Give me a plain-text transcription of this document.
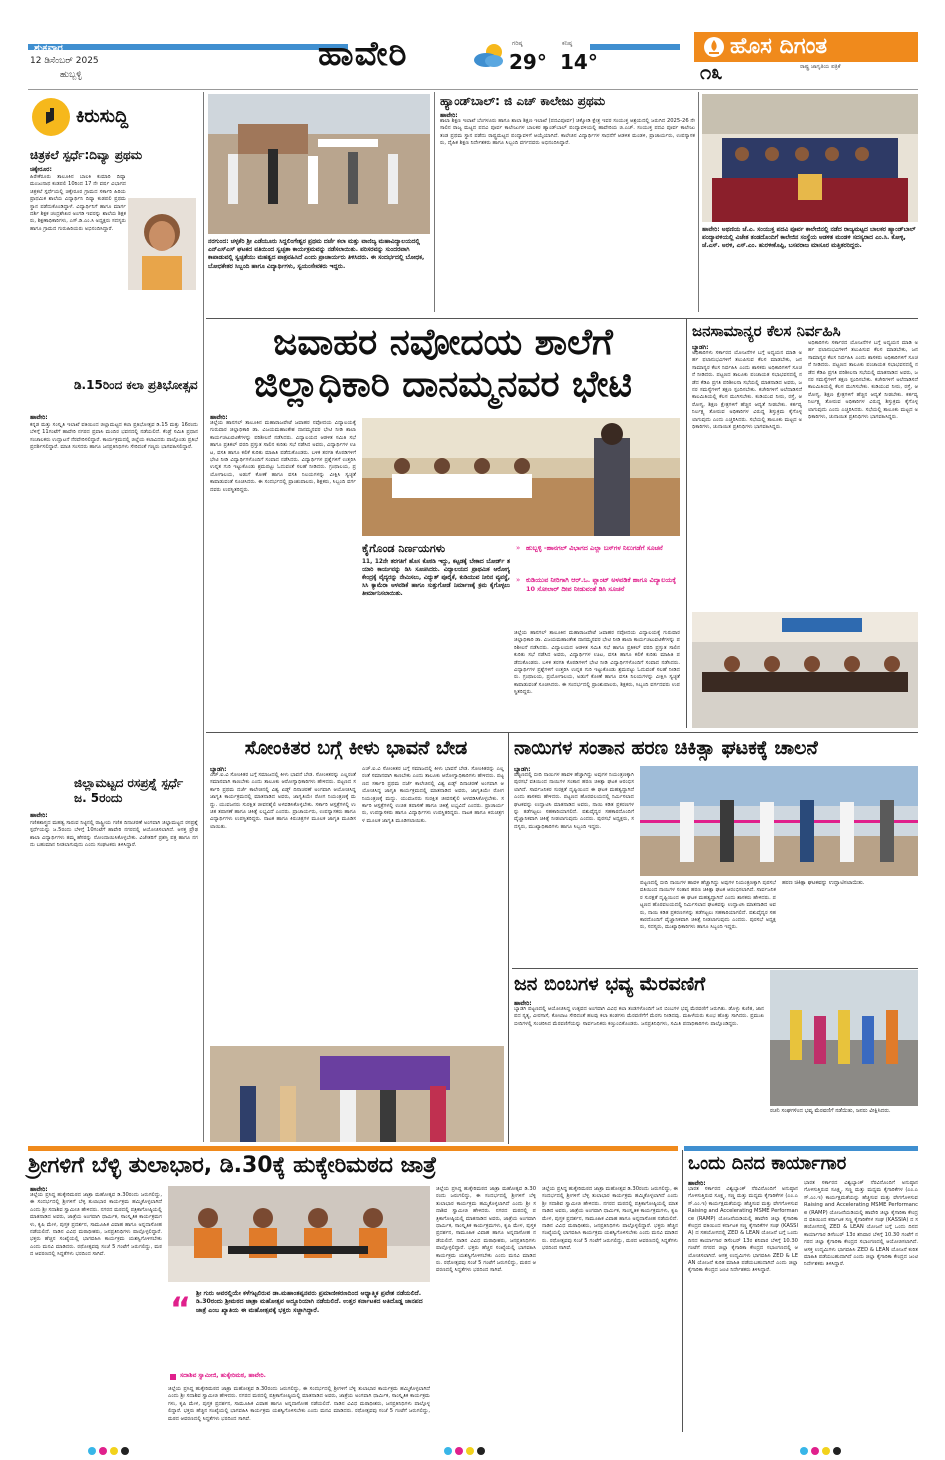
ಶುಕ್ರವಾರ
12 ಡಿಸೆಂಬರ್ 2025
ಹುಬ್ಬಳ್ಳಿ
ಹಾವೇರಿ	ಗರಿಷ್ಠ
29°
ಕನಿಷ್ಠ
14°
ಹೊಸ ದಿಗಂತ
ರಾಷ್ಟ್ರ ಜಾಗೃತಿಯ ಪತ್ರಿಕೆ
೧೩
ಕಿರುಸುದ್ದಿ
ಚಿತ್ರಕಲೆ ಸ್ಪರ್ಧೆ:ದಿವ್ಯಾ ಪ್ರಥಮ
ಚಿಕ್ಕೇರೂರ:
ಹಿರೇಕೆರೂರು ತಾಲೂಕಿನ ಬಾಲಕಿ ಕುಮಾರಿ ದಿವ್ಯಾ ಮಂಜುನಾಥ ಕುಡಪಲಿ 10ರಿಂದ 17 ನೇ ವರ್ಷ ವಿಭಾಗದ ಚಿತ್ರಕಲೆ ಸ್ಪರ್ಧೆಯಲ್ಲಿ ಚಿಕ್ಕೇರೂರ ಗ್ರಾಮದ ಸರ್ಕಾರಿ ಹಿರಿಯ ಪ್ರಾಥಮಿಕ ಶಾಲೆಯ ವಿದ್ಯಾರ್ಥಿನಿ ದಿವ್ಯಾ ಕುಡಪಲಿ ಪ್ರಥಮ ಸ್ಥಾನ ಪಡೆದುಕೊಂಡಿದ್ದಾಳೆ. ವಿದ್ಯಾರ್ಥಿನಿಗೆ ಹಾಗೂ ಮಾರ್ಗದರ್ಶಿ ಶಿಕ್ಷಕ ಚಂದ್ರಶೇಖರ ಅಂಗಡಿ ಇವರನ್ನು ಶಾಲೆಯ ಶಿಕ್ಷಕರು, ಶಿಕ್ಷಣಾಧಿಕಾರಿಗಳು, ಎಸ್.ಡಿ.ಎಂ.ಸಿ ಅಧ್ಯಕ್ಷರು ಸದಸ್ಯರು ಹಾಗೂ ಗ್ರಾಮದ ಗುರುಹಿರಿಯರು ಅಭಿನಂದಿಸಿದ್ದಾರೆ.
ಡಿ.15ರಿಂದ ಕಲಾ ಪ್ರತಿಭೋತ್ಸವ
ಹಾವೇರಿ:
ಕನ್ನಡ ಮತ್ತು ಸಂಸ್ಕೃತಿ ಇಲಾಖೆ ವತಿಯಿಂದ ಜಿಲ್ಲಾಮಟ್ಟದ ಕಲಾ ಪ್ರತಿಭೋತ್ಸವ ಡಿ.15 ಮತ್ತು 16ರಂದು ಬೆಳಿಗ್ಗೆ 11ಗಂಟೆಗೆ ಹಾವೇರಿ ನಗರದ ಪ್ರವಾಸಿ ಮಂದಿರ ಭವನದಲ್ಲಿ ನಡೆಯಲಿದೆ. ಕೆಂಡ್ರೆ ಸಮಿತಿ ಪ್ರಧಾನ ಸಂಚಾಲಕರು ಉದ್ಘಾಟನೆ ನೆರವೇರಿಸಲಿದ್ದಾರೆ. ಕಾರ್ಯಕ್ರಮದಲ್ಲಿ ಜಿಲ್ಲೆಯ ಕಲಾವಿದರು ಪಾಲ್ಗೊಂಡು ಪ್ರತಿಭೆ ಪ್ರದರ್ಶಿಸಲಿದ್ದಾರೆ. ಮಾಜಿ ಸಂಸದರು ಹಾಗೂ ಜನಪ್ರತಿನಿಧಿಗಳು ಸೇರಿದಂತೆ ಗಣ್ಯರು ಭಾಗವಹಿಸಲಿದ್ದಾರೆ.
ಜಿಲ್ಲಾಮಟ್ಟದ ರಸಪ್ರಶ್ನೆ ಸ್ಪರ್ಧೆ ಜ. 5ರಂದು
ಹಾವೇರಿ:
ಗಣಿತಶಾಸ್ತ್ರದ ಮಹತ್ವ ಸಾರುವ ನಿಟ್ಟಿನಲ್ಲಿ ರಾಷ್ಟ್ರೀಯ ಗಣಿತ ದಿನಾಚರಣೆ ಅಂಗವಾಗಿ ಜಿಲ್ಲಾಮಟ್ಟದ ರಸಪ್ರಶ್ನೆ ಸ್ಪರ್ಧೆಯನ್ನು ಜ.5ರಂದು ಬೆಳಿಗ್ಗೆ 10ಗಂಟೆಗೆ ಹಾವೇರಿ ನಗರದಲ್ಲಿ ಆಯೋಜಿಸಲಾಗಿದೆ. ಆಸಕ್ತ ಪ್ರೌಢಶಾಲಾ ವಿದ್ಯಾರ್ಥಿಗಳು ತಮ್ಮ ಹೆಸರನ್ನು ನೋಂದಾಯಿಸಿಕೊಳ್ಳಬೇಕು. ವಿಜೇತರಿಗೆ ಪ್ರಶಸ್ತಿ ಪತ್ರ ಹಾಗೂ ನಗದು ಬಹುಮಾನ ನೀಡಲಾಗುವುದು ಎಂದು ಸಂಘಟಕರು ತಿಳಿಸಿದ್ದಾರೆ.
ನರಗುಂದ: ಚಳ್ಳಕೆರಿ ಶ್ರೀ ಎಡೆಯೂರು ಸಿದ್ದಲಿಂಗೇಶ್ವರ ಪ್ರಥಮ ದರ್ಜೆ ಕಲಾ ಮತ್ತು ವಾಣಿಜ್ಯ ಮಹಾವಿದ್ಯಾಲಯದಲ್ಲಿ ಎನ್‌ಎಸ್‌ಎಸ್ ಘಟಕದ ವತಿಯಿಂದ ಸ್ವಚ್ಛತಾ ಕಾರ್ಯಕ್ರಮವನ್ನು ನಡೆಸಲಾಯಿತು. ಪರಿಸರವನ್ನು ಸುಂದರವಾಗಿ ಕಾಪಾಡುವಲ್ಲಿ ಸ್ವಚ್ಛತೆಯು ಮಹತ್ವದ ಪಾತ್ರವಹಿಸಿದೆ ಎಂದು ಪ್ರಾಚಾರ್ಯರು ತಿಳಿಸಿದರು. ಈ ಸಂದರ್ಭದಲ್ಲಿ ಬೋಧಕ, ಬೋಧಕೇತರ ಸಿಬ್ಬಂದಿ ಹಾಗೂ ವಿದ್ಯಾರ್ಥಿಗಳು, ಸ್ವಯಂಸೇವಕರು ಇದ್ದರು.
ಹ್ಯಾಂಡ್‌ಬಾಲ್: ಜಿ ಎಚ್ ಕಾಲೇಜು ಪ್ರಥಮ
ಹಾವೇರಿ:
ಶಾಲಾ ಶಿಕ್ಷಣ ಇಲಾಖೆ ಬೆಂಗಳೂರು ಹಾಗೂ ಶಾಲಾ ಶಿಕ್ಷಣ ಇಲಾಖೆ (ಪದವಿಪೂರ್ವ) ಚಿಕ್ಕೋಡಿ ಕ್ಷೇತ್ರ ಇವರ ಸಂಯುಕ್ತ ಆಶ್ರಯದಲ್ಲಿ ಜರುಗಿದ 2025-26 ನೇ ಸಾಲಿನ ರಾಜ್ಯ ಮಟ್ಟದ ಪದವಿ ಪೂರ್ವ ಕಾಲೇಜುಗಳ ಬಾಲಕರ ಹ್ಯಾಂಡ್‌ಬಾಲ್ ಪಂದ್ಯಾವಳಿಯಲ್ಲಿ ಹಾವೇರಿಯ ಜಿ.ಎಚ್. ಸಂಯುಕ್ತ ಪದವಿ ಪೂರ್ವ ಕಾಲೇಜು ತಂಡ ಪ್ರಥಮ ಸ್ಥಾನ ಪಡೆದು ರಾಷ್ಟ್ರಮಟ್ಟದ ಪಂದ್ಯಾವಳಿಗೆ ಆಯ್ಕೆಯಾಗಿದೆ. ಕಾಲೇಜಿನ ವಿದ್ಯಾರ್ಥಿಗಳ ಸಾಧನೆಗೆ ಆಡಳಿತ ಮಂಡಳಿ, ಪ್ರಾಚಾರ್ಯರು, ಉಪನ್ಯಾಸಕರು, ದೈಹಿಕ ಶಿಕ್ಷಣ ನಿರ್ದೇಶಕರು ಹಾಗೂ ಸಿಬ್ಬಂದಿ ವರ್ಗದವರು ಅಭಿನಂದಿಸಿದ್ದಾರೆ.
ಹಾವೇರಿ: ಅಥಣಿಯ ಜೆ.ಎ. ಸಂಯುಕ್ತ ಪದವಿ ಪೂರ್ವ ಕಾಲೇಜಿನಲ್ಲಿ ನಡೆದ ರಾಜ್ಯಮಟ್ಟದ ಬಾಲಕರ ಹ್ಯಾಂಡ್‌ಬಾಲ್ ಪಂದ್ಯಾವಳಿಯಲ್ಲಿ ವಿಜೇತ ತಂಡದೊಂದಿಗೆ ಕಾಲೇಜಿನ ಸಂಸ್ಥೆಯ ಆಡಳಿತ ಮಂಡಳಿ ಸದಸ್ಯರಾದ ಎಂ.ಸಿ. ಕೋಳ್ಳಿ, ಜೆ.ಎಸ್. ಅರಳಿ, ಎಸ್.ಎಂ. ಹುರಳೀಕೊಪ್ಪಿ, ಬಸವರಾಜ ಮಾಸೂರ ಮತ್ತಿತರರಿದ್ದರು.
ಜವಾಹರ ನವೋದಯ ಶಾಲೆಗೆ
ಜಿಲ್ಲಾಧಿಕಾರಿ ದಾನಮ್ಮನವರ ಭೇಟಿ
ಹಾವೇರಿ:
ಜಿಲ್ಲೆಯ ಹಾನಗಲ್ ತಾಲೂಕಿನ ಮಹಾರಾಜಪೇಟೆ ಜವಾಹರ ನವೋದಯ ವಿದ್ಯಾಲಯಕ್ಕೆ ಗುರುವಾರ ಜಿಲ್ಲಾಧಿಕಾರಿ ಡಾ. ವಿಜಯಮಹಾಂತೇಶ ದಾನಮ್ಮನವರ ಭೇಟಿ ನೀಡಿ ಶಾಲಾ ಕಾರ್ಯಚಟುವಟಿಕೆಗಳನ್ನು ಪರಿಶೀಲನೆ ನಡೆಸಿದರು. ವಿದ್ಯಾಲಯದ ಆಡಳಿತ ಸಮಿತಿ ಸಭೆ ಹಾಗೂ ಪ್ರತಿಕಲ್ ವರದಿ ಪ್ರಸ್ತುತ ಸಾಲಿನ ಕುರಿತು ಸಭೆ ನಡೆಸಿದ ಅವರು, ವಿದ್ಯಾರ್ಥಿಗಳ ಊಟ, ವಸತಿ ಹಾಗೂ ಕಲಿಕೆ ಕುರಿತು ಮಾಹಿತಿ ಪಡೆದುಕೊಂಡರು. ಬಳಿಕ ತರಗತಿ ಕೊಠಡಿಗಳಿಗೆ ಭೇಟಿ ನೀಡಿ ವಿದ್ಯಾರ್ಥಿಗಳೊಂದಿಗೆ ಸಂವಾದ ನಡೆಸಿದರು. ವಿದ್ಯಾರ್ಥಿಗಳ ಪ್ರಶ್ನೆಗಳಿಗೆ ಉತ್ತರಿಸಿ ಉನ್ನತ ಗುರಿ ಇಟ್ಟುಕೊಂಡು ಶ್ರಮಪಟ್ಟು ಓದುವಂತೆ ಸಲಹೆ ನೀಡಿದರು. ಗ್ರಂಥಾಲಯ, ಪ್ರಯೋಗಾಲಯ, ಅಡುಗೆ ಕೋಣೆ ಹಾಗೂ ವಸತಿ ನಿಲಯಗಳನ್ನು ವೀಕ್ಷಿಸಿ ಸ್ವಚ್ಛತೆ ಕಾಪಾಡುವಂತೆ ಸೂಚಿಸಿದರು. ಈ ಸಂದರ್ಭದಲ್ಲಿ ಪ್ರಾಂಶುಪಾಲರು, ಶಿಕ್ಷಕರು, ಸಿಬ್ಬಂದಿ ವರ್ಗದವರು ಉಪಸ್ಥಿತರಿದ್ದರು.
ಕೈಗೊಂಡ ನಿರ್ಣಯಗಳು
11, 12ನೇ ತರಗತಿಗೆ ಹೊಸ ಕೊಠಡಿ ಇದ್ದು, ಕಟ್ಟಡಕ್ಕೆ ಬೇಕಾದ ಬೋರ್ಡ್ ತಯಾರಿ ಕಾರ್ಯವನ್ನು ಡಿಸಿ ಸೂಚಿಸಿದರು. ವಿದ್ಯಾಲಯದ ಪ್ರಾಥಮಿಕ ಆರೋಗ್ಯ ಕೇಂದ್ರಕ್ಕೆ ವೈದ್ಯರನ್ನು ನೇಮಿಸಲು, ವಿದ್ಯುತ್ ಪೂರೈಕೆ, ಕುಡಿಯುವ ನೀರಿನ ವ್ಯವಸ್ಥೆ, ಸಿಸಿ ಕ್ಯಾಮೆರಾ ಅಳವಡಿಕೆ ಹಾಗೂ ಸುತ್ತುಗೋಡೆ ನಿರ್ಮಾಣಕ್ಕೆ ಕ್ರಮ ಕೈಗೊಳ್ಳಲು ತೀರ್ಮಾನಿಸಲಾಯಿತು.
» ಹುಬ್ಬಳ್ಳಿ -ಹಾನಗಲ್ ವಿಭಾಗದ ಎಲ್ಲಾ ಬಸ್‌ಗಳ ನಿಲುಗಡೆಗೆ ಸೂಚನೆ
» ಕುಡಿಯುವ ನೀರಿಗಾಗಿ ಆರ್.ಒ. ಪ್ಲಾಂಟ್ ಅಳವಡಿಕೆ ಹಾಗೂ ವಿದ್ಯಾಲಯಕ್ಕೆ 10 ಸೋಲಾರ್ ದೀಪ ನೀಡುವಂತೆ ಡಿಸಿ ಸೂಚನೆ
ಜಿಲ್ಲೆಯ ಹಾನಗಲ್ ತಾಲೂಕಿನ ಮಹಾರಾಜಪೇಟೆ ಜವಾಹರ ನವೋದಯ ವಿದ್ಯಾಲಯಕ್ಕೆ ಗುರುವಾರ ಜಿಲ್ಲಾಧಿಕಾರಿ ಡಾ. ವಿಜಯಮಹಾಂತೇಶ ದಾನಮ್ಮನವರ ಭೇಟಿ ನೀಡಿ ಶಾಲಾ ಕಾರ್ಯಚಟುವಟಿಕೆಗಳನ್ನು ಪರಿಶೀಲನೆ ನಡೆಸಿದರು. ವಿದ್ಯಾಲಯದ ಆಡಳಿತ ಸಮಿತಿ ಸಭೆ ಹಾಗೂ ಪ್ರತಿಕಲ್ ವರದಿ ಪ್ರಸ್ತುತ ಸಾಲಿನ ಕುರಿತು ಸಭೆ ನಡೆಸಿದ ಅವರು, ವಿದ್ಯಾರ್ಥಿಗಳ ಊಟ, ವಸತಿ ಹಾಗೂ ಕಲಿಕೆ ಕುರಿತು ಮಾಹಿತಿ ಪಡೆದುಕೊಂಡರು. ಬಳಿಕ ತರಗತಿ ಕೊಠಡಿಗಳಿಗೆ ಭೇಟಿ ನೀಡಿ ವಿದ್ಯಾರ್ಥಿಗಳೊಂದಿಗೆ ಸಂವಾದ ನಡೆಸಿದರು. ವಿದ್ಯಾರ್ಥಿಗಳ ಪ್ರಶ್ನೆಗಳಿಗೆ ಉತ್ತರಿಸಿ ಉನ್ನತ ಗುರಿ ಇಟ್ಟುಕೊಂಡು ಶ್ರಮಪಟ್ಟು ಓದುವಂತೆ ಸಲಹೆ ನೀಡಿದರು. ಗ್ರಂಥಾಲಯ, ಪ್ರಯೋಗಾಲಯ, ಅಡುಗೆ ಕೋಣೆ ಹಾಗೂ ವಸತಿ ನಿಲಯಗಳನ್ನು ವೀಕ್ಷಿಸಿ ಸ್ವಚ್ಛತೆ ಕಾಪಾಡುವಂತೆ ಸೂಚಿಸಿದರು. ಈ ಸಂದರ್ಭದಲ್ಲಿ ಪ್ರಾಂಶುಪಾಲರು, ಶಿಕ್ಷಕರು, ಸಿಬ್ಬಂದಿ ವರ್ಗದವರು ಉಪಸ್ಥಿತರಿದ್ದರು.
ಜನಸಾಮಾನ್ಯರ ಕೆಲಸ ನಿರ್ವಹಿಸಿ
ಬ್ಯಾಡಗಿ:
ಅಧಿಕಾರಿಗಳು ಸರ್ಕಾರದ ಯೋಜನೆಗಳ ಬಗ್ಗೆ ಅಧ್ಯಯನ ಮಾಡಿ ಅರ್ಹ ಫಲಾನುಭವಿಗಳಿಗೆ ತಲುಪಿಸುವ ಕೆಲಸ ಮಾಡಬೇಕು, ಜನಸಾಮಾನ್ಯರ ಕೆಲಸ ನಿರ್ವಹಿಸಿ ಎಂದು ಶಾಸಕರು ಅಧಿಕಾರಿಗಳಿಗೆ ಸೂಚನೆ ನೀಡಿದರು. ಪಟ್ಟಣದ ತಾಲೂಕು ಪಂಚಾಯತ ಸಭಾಭವನದಲ್ಲಿ ನಡೆದ ಕೆಡಿಪಿ ಪ್ರಗತಿ ಪರಿಶೀಲನಾ ಸಭೆಯಲ್ಲಿ ಮಾತನಾಡಿದ ಅವರು, ಜನರ ಸಮಸ್ಯೆಗಳಿಗೆ ತಕ್ಷಣ ಸ್ಪಂದಿಸಬೇಕು. ಕಚೇರಿಗಳಿಗೆ ಅಲೆದಾಡಿಸದೆ ಕಾಲಮಿತಿಯಲ್ಲಿ ಕೆಲಸ ಮುಗಿಸಬೇಕು. ಕುಡಿಯುವ ನೀರು, ರಸ್ತೆ, ಆರೋಗ್ಯ, ಶಿಕ್ಷಣ ಕ್ಷೇತ್ರಗಳಿಗೆ ಹೆಚ್ಚಿನ ಆದ್ಯತೆ ನೀಡಬೇಕು. ಕರ್ತವ್ಯ ನಿರ್ಲಕ್ಷ್ಯ ತೋರುವ ಅಧಿಕಾರಿಗಳ ವಿರುದ್ಧ ಶಿಸ್ತುಕ್ರಮ ಕೈಗೊಳ್ಳಲಾಗುವುದು ಎಂದು ಎಚ್ಚರಿಸಿದರು. ಸಭೆಯಲ್ಲಿ ತಾಲೂಕು ಮಟ್ಟದ ಅಧಿಕಾರಿಗಳು, ಚುನಾಯಿತ ಪ್ರತಿನಿಧಿಗಳು ಭಾಗವಹಿಸಿದ್ದರು.
ಅಧಿಕಾರಿಗಳು ಸರ್ಕಾರದ ಯೋಜನೆಗಳ ಬಗ್ಗೆ ಅಧ್ಯಯನ ಮಾಡಿ ಅರ್ಹ ಫಲಾನುಭವಿಗಳಿಗೆ ತಲುಪಿಸುವ ಕೆಲಸ ಮಾಡಬೇಕು, ಜನಸಾಮಾನ್ಯರ ಕೆಲಸ ನಿರ್ವಹಿಸಿ ಎಂದು ಶಾಸಕರು ಅಧಿಕಾರಿಗಳಿಗೆ ಸೂಚನೆ ನೀಡಿದರು. ಪಟ್ಟಣದ ತಾಲೂಕು ಪಂಚಾಯತ ಸಭಾಭವನದಲ್ಲಿ ನಡೆದ ಕೆಡಿಪಿ ಪ್ರಗತಿ ಪರಿಶೀಲನಾ ಸಭೆಯಲ್ಲಿ ಮಾತನಾಡಿದ ಅವರು, ಜನರ ಸಮಸ್ಯೆಗಳಿಗೆ ತಕ್ಷಣ ಸ್ಪಂದಿಸಬೇಕು. ಕಚೇರಿಗಳಿಗೆ ಅಲೆದಾಡಿಸದೆ ಕಾಲಮಿತಿಯಲ್ಲಿ ಕೆಲಸ ಮುಗಿಸಬೇಕು. ಕುಡಿಯುವ ನೀರು, ರಸ್ತೆ, ಆರೋಗ್ಯ, ಶಿಕ್ಷಣ ಕ್ಷೇತ್ರಗಳಿಗೆ ಹೆಚ್ಚಿನ ಆದ್ಯತೆ ನೀಡಬೇಕು. ಕರ್ತವ್ಯ ನಿರ್ಲಕ್ಷ್ಯ ತೋರುವ ಅಧಿಕಾರಿಗಳ ವಿರುದ್ಧ ಶಿಸ್ತುಕ್ರಮ ಕೈಗೊಳ್ಳಲಾಗುವುದು ಎಂದು ಎಚ್ಚರಿಸಿದರು. ಸಭೆಯಲ್ಲಿ ತಾಲೂಕು ಮಟ್ಟದ ಅಧಿಕಾರಿಗಳು, ಚುನಾಯಿತ ಪ್ರತಿನಿಧಿಗಳು ಭಾಗವಹಿಸಿದ್ದರು.
ಸೋಂಕಿತರ ಬಗ್ಗೆ ಕೀಳು ಭಾವನೆ ಬೇಡ
ಬ್ಯಾಡಗಿ:
ಎಚ್.ಐ.ವಿ ಸೋಂಕಿತರ ಬಗ್ಗೆ ಸಮಾಜದಲ್ಲಿ ಕೀಳು ಭಾವನೆ ಬೇಡ. ಸೋಂಕಿತರನ್ನು ಎಲ್ಲರಂತೆ ಸಮಾನವಾಗಿ ಕಾಣಬೇಕು ಎಂದು ತಾಲೂಕು ಆರೋಗ್ಯಾಧಿಕಾರಿಗಳು ಹೇಳಿದರು. ಪಟ್ಟಣದ ಸರ್ಕಾರಿ ಪ್ರಥಮ ದರ್ಜೆ ಕಾಲೇಜಿನಲ್ಲಿ ವಿಶ್ವ ಏಡ್ಸ್ ದಿನಾಚರಣೆ ಅಂಗವಾಗಿ ಆಯೋಜಿಸಿದ್ದ ಜಾಗೃತಿ ಕಾರ್ಯಕ್ರಮದಲ್ಲಿ ಮಾತನಾಡಿದ ಅವರು, ಜಾಗೃತಿಯೇ ರೋಗ ನಿಯಂತ್ರಣಕ್ಕೆ ಮದ್ದು. ಯುವಜನರು ಸುರಕ್ಷಿತ ಜೀವನಶೈಲಿ ಅಳವಡಿಸಿಕೊಳ್ಳಬೇಕು. ಸರ್ಕಾರಿ ಆಸ್ಪತ್ರೆಗಳಲ್ಲಿ ಉಚಿತ ತಪಾಸಣೆ ಹಾಗೂ ಚಿಕಿತ್ಸೆ ಲಭ್ಯವಿದೆ ಎಂದರು. ಪ್ರಾಚಾರ್ಯರು, ಉಪನ್ಯಾಸಕರು ಹಾಗೂ ವಿದ್ಯಾರ್ಥಿಗಳು ಉಪಸ್ಥಿತರಿದ್ದರು. ನಾಟಕ ಹಾಗೂ ಕಿರುಚಿತ್ರಗಳ ಮೂಲಕ ಜಾಗೃತಿ ಮೂಡಿಸಲಾಯಿತು.
ಎಚ್.ಐ.ವಿ ಸೋಂಕಿತರ ಬಗ್ಗೆ ಸಮಾಜದಲ್ಲಿ ಕೀಳು ಭಾವನೆ ಬೇಡ. ಸೋಂಕಿತರನ್ನು ಎಲ್ಲರಂತೆ ಸಮಾನವಾಗಿ ಕಾಣಬೇಕು ಎಂದು ತಾಲೂಕು ಆರೋಗ್ಯಾಧಿಕಾರಿಗಳು ಹೇಳಿದರು. ಪಟ್ಟಣದ ಸರ್ಕಾರಿ ಪ್ರಥಮ ದರ್ಜೆ ಕಾಲೇಜಿನಲ್ಲಿ ವಿಶ್ವ ಏಡ್ಸ್ ದಿನಾಚರಣೆ ಅಂಗವಾಗಿ ಆಯೋಜಿಸಿದ್ದ ಜಾಗೃತಿ ಕಾರ್ಯಕ್ರಮದಲ್ಲಿ ಮಾತನಾಡಿದ ಅವರು, ಜಾಗೃತಿಯೇ ರೋಗ ನಿಯಂತ್ರಣಕ್ಕೆ ಮದ್ದು. ಯುವಜನರು ಸುರಕ್ಷಿತ ಜೀವನಶೈಲಿ ಅಳವಡಿಸಿಕೊಳ್ಳಬೇಕು. ಸರ್ಕಾರಿ ಆಸ್ಪತ್ರೆಗಳಲ್ಲಿ ಉಚಿತ ತಪಾಸಣೆ ಹಾಗೂ ಚಿಕಿತ್ಸೆ ಲಭ್ಯವಿದೆ ಎಂದರು. ಪ್ರಾಚಾರ್ಯರು, ಉಪನ್ಯಾಸಕರು ಹಾಗೂ ವಿದ್ಯಾರ್ಥಿಗಳು ಉಪಸ್ಥಿತರಿದ್ದರು. ನಾಟಕ ಹಾಗೂ ಕಿರುಚಿತ್ರಗಳ ಮೂಲಕ ಜಾಗೃತಿ ಮೂಡಿಸಲಾಯಿತು.
ನಾಯಿಗಳ ಸಂತಾನ ಹರಣ ಚಿಕಿತ್ಸಾ ಘಟಕಕ್ಕೆ ಚಾಲನೆ
ಬ್ಯಾಡಗಿ:
ಪಟ್ಟಣದಲ್ಲಿ ಬೀದಿ ನಾಯಿಗಳ ಹಾವಳಿ ಹೆಚ್ಚಾಗಿದ್ದು ಅವುಗಳ ನಿಯಂತ್ರಣಕ್ಕಾಗಿ ಪುರಸಭೆ ವತಿಯಿಂದ ನಾಯಿಗಳ ಸಂತಾನ ಹರಣ ಚಿಕಿತ್ಸಾ ಘಟಕ ಆರಂಭಿಸಲಾಗಿದೆ. ಸಾರ್ವಜನಿಕರ ಸುರಕ್ಷತೆ ದೃಷ್ಟಿಯಿಂದ ಈ ಘಟಕ ಮಹತ್ವದ್ದಾಗಿದೆ ಎಂದು ಶಾಸಕರು ಹೇಳಿದರು. ಪಟ್ಟಣದ ಹೊರವಲಯದಲ್ಲಿ ನಿರ್ಮಿಸಲಾದ ಘಟಕವನ್ನು ಉದ್ಘಾಟಿಸಿ ಮಾತನಾಡಿದ ಅವರು, ನಾಯಿ ಕಡಿತ ಪ್ರಕರಣಗಳನ್ನು ತಡೆಗಟ್ಟಲು ಸಹಕಾರಿಯಾಗಲಿದೆ. ಪಶುವೈದ್ಯರ ಸಹಕಾರದೊಂದಿಗೆ ವೈಜ್ಞಾನಿಕವಾಗಿ ಚಿಕಿತ್ಸೆ ನೀಡಲಾಗುವುದು ಎಂದರು. ಪುರಸಭೆ ಅಧ್ಯಕ್ಷರು, ಸದಸ್ಯರು, ಮುಖ್ಯಾಧಿಕಾರಿಗಳು ಹಾಗೂ ಸಿಬ್ಬಂದಿ ಇದ್ದರು.
ಪಟ್ಟಣದಲ್ಲಿ ಬೀದಿ ನಾಯಿಗಳ ಹಾವಳಿ ಹೆಚ್ಚಾಗಿದ್ದು ಅವುಗಳ ನಿಯಂತ್ರಣಕ್ಕಾಗಿ ಪುರಸಭೆ ವತಿಯಿಂದ ನಾಯಿಗಳ ಸಂತಾನ ಹರಣ ಚಿಕಿತ್ಸಾ ಘಟಕ ಆರಂಭಿಸಲಾಗಿದೆ. ಸಾರ್ವಜನಿಕರ ಸುರಕ್ಷತೆ ದೃಷ್ಟಿಯಿಂದ ಈ ಘಟಕ ಮಹತ್ವದ್ದಾಗಿದೆ ಎಂದು ಶಾಸಕರು ಹೇಳಿದರು. ಪಟ್ಟಣದ ಹೊರವಲಯದಲ್ಲಿ ನಿರ್ಮಿಸಲಾದ ಘಟಕವನ್ನು ಉದ್ಘಾಟಿಸಿ ಮಾತನಾಡಿದ ಅವರು, ನಾಯಿ ಕಡಿತ ಪ್ರಕರಣಗಳನ್ನು ತಡೆಗಟ್ಟಲು ಸಹಕಾರಿಯಾಗಲಿದೆ. ಪಶುವೈದ್ಯರ ಸಹಕಾರದೊಂದಿಗೆ ವೈಜ್ಞಾನಿಕವಾಗಿ ಚಿಕಿತ್ಸೆ ನೀಡಲಾಗುವುದು ಎಂದರು. ಪುರಸಭೆ ಅಧ್ಯಕ್ಷರು, ಸದಸ್ಯರು, ಮುಖ್ಯಾಧಿಕಾರಿಗಳು ಹಾಗೂ ಸಿಬ್ಬಂದಿ ಇದ್ದರು.
ಹರಣ ಚಿಕಿತ್ಸಾ ಘಟಕವನ್ನು ಉದ್ಘಾಟಿಸಲಾಯಿತು.
ಜನ ಬಿಂಬಗಳ ಭವ್ಯ ಮೆರವಣಿಗೆ
ಹಾವೇರಿ:
ಬ್ಯಾಡಗಿ ಪಟ್ಟಣದಲ್ಲಿ ಆಯೋಜಿಸಿದ್ದ ಉತ್ಸವದ ಅಂಗವಾಗಿ ವಿವಿಧ ಕಲಾ ತಂಡಗಳೊಂದಿಗೆ ಜನ ಬಿಂಬಗಳ ಭವ್ಯ ಮೆರವಣಿಗೆ ಜರುಗಿತು. ಡೊಳ್ಳು ಕುಣಿತ, ಜಾನಪದ ನೃತ್ಯ, ವೀರಗಾಸೆ, ಕೋಲಾಟ ಸೇರಿದಂತೆ ಹಲವು ಕಲಾ ತಂಡಗಳು ಮೆರವಣಿಗೆಗೆ ಮೆರಗು ನೀಡಿದವು. ಮಹಿಳೆಯರು ಕುಂಭ ಹೊತ್ತು ಸಾಗಿದರು. ಪ್ರಮುಖ ಬೀದಿಗಳಲ್ಲಿ ಸಂಚರಿಸಿದ ಮೆರವಣಿಗೆಯನ್ನು ಸಾರ್ವಜನಿಕರು ಕಣ್ತುಂಬಿಕೊಂಡರು. ಜನಪ್ರತಿನಿಧಿಗಳು, ಸಮಿತಿ ಪದಾಧಿಕಾರಿಗಳು ಪಾಲ್ಗೊಂಡಿದ್ದರು.
ರಚನಿ ಸಂಘಗಳಿಂದ ಭವ್ಯ ಮೆರವಣಿಗೆ ನಡೆಯಿತು, ಜನರು ವೀಕ್ಷಿಸಿದರು.
ಶ್ರೀಗಳಿಗೆ ಬೆಳ್ಳಿ ತುಲಾಭಾರ, ಡಿ.30ಕ್ಕೆ ಹುಕ್ಕೇರಿಮಠದ ಜಾತ್ರೆ
ಹಾವೇರಿ:
ಜಿಲ್ಲೆಯ ಪ್ರಸಿದ್ಧ ಹುಕ್ಕೇರಿಮಠದ ಜಾತ್ರಾ ಮಹೋತ್ಸವ ಡಿ.30ರಂದು ಜರುಗಲಿದ್ದು, ಈ ಸಂದರ್ಭದಲ್ಲಿ ಶ್ರೀಗಳಿಗೆ ಬೆಳ್ಳಿ ತುಲಾಭಾರ ಕಾರ್ಯಕ್ರಮ ಹಮ್ಮಿಕೊಳ್ಳಲಾಗಿದೆ ಎಂದು ಶ್ರೀ ಸದಾಶಿವ ಸ್ವಾಮೀಜಿ ಹೇಳಿದರು. ನಗರದ ಮಠದಲ್ಲಿ ಪತ್ರಿಕಾಗೋಷ್ಠಿಯಲ್ಲಿ ಮಾತನಾಡಿದ ಅವರು, ಜಾತ್ರೆಯ ಅಂಗವಾಗಿ ಧಾರ್ಮಿಕ, ಸಾಂಸ್ಕೃತಿಕ ಕಾರ್ಯಕ್ರಮಗಳು, ಕೃಷಿ ಮೇಳ, ಪುಸ್ತಕ ಪ್ರದರ್ಶನ, ಸಾಮೂಹಿಕ ವಿವಾಹ ಹಾಗೂ ಅನ್ನದಾಸೋಹ ನಡೆಯಲಿದೆ. ನಾಡಿನ ವಿವಿಧ ಮಠಾಧೀಶರು, ಜನಪ್ರತಿನಿಧಿಗಳು ಪಾಲ್ಗೊಳ್ಳಲಿದ್ದಾರೆ. ಭಕ್ತರು ಹೆಚ್ಚಿನ ಸಂಖ್ಯೆಯಲ್ಲಿ ಭಾಗವಹಿಸಿ ಕಾರ್ಯಕ್ರಮ ಯಶಸ್ವಿಗೊಳಿಸಬೇಕು ಎಂದು ಮನವಿ ಮಾಡಿದರು. ರಥೋತ್ಸವವು ಸಂಜೆ 5 ಗಂಟೆಗೆ ಜರುಗಲಿದ್ದು, ಮಠದ ಆವರಣದಲ್ಲಿ ಸಿದ್ಧತೆಗಳು ಭರದಿಂದ ಸಾಗಿವೆ.
“ ಶ್ರೀ ಗುರು ಅವರಲ್ಲಿಯೇ ಕಳೆಗಟ್ಟಲಿರುವ ಡಾ.ಮಹಾಂತಪ್ಪನವರು ಪ್ರಮಾಣೀಕರಣದಿಂದ ಆಧ್ಯಾತ್ಮಿಕ ಪ್ರವೇಶ ನಡೆಯಲಿದೆ. ಡಿ.30ರಂದು ಶ್ರೀಮಠದ ಜಾತ್ರಾ ಮಹೋತ್ಸವ ಅದ್ದೂರಿಯಾಗಿ ನಡೆಯಲಿದೆ. ಉತ್ತರ ಕರ್ನಾಟಕದ ಅತಿದೊಡ್ಡ ಜಾನಪದ ಜಾತ್ರೆ ಎಂಬ ಖ್ಯಾತಿಯ ಈ ಮಹೋತ್ಸವಕ್ಕೆ ಭಕ್ತರು ಸಜ್ಜಾಗಿದ್ದಾರೆ.
ಸದಾಶಿವ ಸ್ವಾಮೀಜಿ, ಹುಕ್ಕೇರಿಮಠ, ಹಾವೇರಿ.
ಜಿಲ್ಲೆಯ ಪ್ರಸಿದ್ಧ ಹುಕ್ಕೇರಿಮಠದ ಜಾತ್ರಾ ಮಹೋತ್ಸವ ಡಿ.30ರಂದು ಜರುಗಲಿದ್ದು, ಈ ಸಂದರ್ಭದಲ್ಲಿ ಶ್ರೀಗಳಿಗೆ ಬೆಳ್ಳಿ ತುಲಾಭಾರ ಕಾರ್ಯಕ್ರಮ ಹಮ್ಮಿಕೊಳ್ಳಲಾಗಿದೆ ಎಂದು ಶ್ರೀ ಸದಾಶಿವ ಸ್ವಾಮೀಜಿ ಹೇಳಿದರು. ನಗರದ ಮಠದಲ್ಲಿ ಪತ್ರಿಕಾಗೋಷ್ಠಿಯಲ್ಲಿ ಮಾತನಾಡಿದ ಅವರು, ಜಾತ್ರೆಯ ಅಂಗವಾಗಿ ಧಾರ್ಮಿಕ, ಸಾಂಸ್ಕೃತಿಕ ಕಾರ್ಯಕ್ರಮಗಳು, ಕೃಷಿ ಮೇಳ, ಪುಸ್ತಕ ಪ್ರದರ್ಶನ, ಸಾಮೂಹಿಕ ವಿವಾಹ ಹಾಗೂ ಅನ್ನದಾಸೋಹ ನಡೆಯಲಿದೆ. ನಾಡಿನ ವಿವಿಧ ಮಠಾಧೀಶರು, ಜನಪ್ರತಿನಿಧಿಗಳು ಪಾಲ್ಗೊಳ್ಳಲಿದ್ದಾರೆ. ಭಕ್ತರು ಹೆಚ್ಚಿನ ಸಂಖ್ಯೆಯಲ್ಲಿ ಭಾಗವಹಿಸಿ ಕಾರ್ಯಕ್ರಮ ಯಶಸ್ವಿಗೊಳಿಸಬೇಕು ಎಂದು ಮನವಿ ಮಾಡಿದರು. ರಥೋತ್ಸವವು ಸಂಜೆ 5 ಗಂಟೆಗೆ ಜರುಗಲಿದ್ದು, ಮಠದ ಆವರಣದಲ್ಲಿ ಸಿದ್ಧತೆಗಳು ಭರದಿಂದ ಸಾಗಿವೆ.
ಜಿಲ್ಲೆಯ ಪ್ರಸಿದ್ಧ ಹುಕ್ಕೇರಿಮಠದ ಜಾತ್ರಾ ಮಹೋತ್ಸವ ಡಿ.30ರಂದು ಜರುಗಲಿದ್ದು, ಈ ಸಂದರ್ಭದಲ್ಲಿ ಶ್ರೀಗಳಿಗೆ ಬೆಳ್ಳಿ ತುಲಾಭಾರ ಕಾರ್ಯಕ್ರಮ ಹಮ್ಮಿಕೊಳ್ಳಲಾಗಿದೆ ಎಂದು ಶ್ರೀ ಸದಾಶಿವ ಸ್ವಾಮೀಜಿ ಹೇಳಿದರು. ನಗರದ ಮಠದಲ್ಲಿ ಪತ್ರಿಕಾಗೋಷ್ಠಿಯಲ್ಲಿ ಮಾತನಾಡಿದ ಅವರು, ಜಾತ್ರೆಯ ಅಂಗವಾಗಿ ಧಾರ್ಮಿಕ, ಸಾಂಸ್ಕೃತಿಕ ಕಾರ್ಯಕ್ರಮಗಳು, ಕೃಷಿ ಮೇಳ, ಪುಸ್ತಕ ಪ್ರದರ್ಶನ, ಸಾಮೂಹಿಕ ವಿವಾಹ ಹಾಗೂ ಅನ್ನದಾಸೋಹ ನಡೆಯಲಿದೆ. ನಾಡಿನ ವಿವಿಧ ಮಠಾಧೀಶರು, ಜನಪ್ರತಿನಿಧಿಗಳು ಪಾಲ್ಗೊಳ್ಳಲಿದ್ದಾರೆ. ಭಕ್ತರು ಹೆಚ್ಚಿನ ಸಂಖ್ಯೆಯಲ್ಲಿ ಭಾಗವಹಿಸಿ ಕಾರ್ಯಕ್ರಮ ಯಶಸ್ವಿಗೊಳಿಸಬೇಕು ಎಂದು ಮನವಿ ಮಾಡಿದರು. ರಥೋತ್ಸವವು ಸಂಜೆ 5 ಗಂಟೆಗೆ ಜರುಗಲಿದ್ದು, ಮಠದ ಆವರಣದಲ್ಲಿ ಸಿದ್ಧತೆಗಳು ಭರದಿಂದ ಸಾಗಿವೆ.
ಜಿಲ್ಲೆಯ ಪ್ರಸಿದ್ಧ ಹುಕ್ಕೇರಿಮಠದ ಜಾತ್ರಾ ಮಹೋತ್ಸವ ಡಿ.30ರಂದು ಜರುಗಲಿದ್ದು, ಈ ಸಂದರ್ಭದಲ್ಲಿ ಶ್ರೀಗಳಿಗೆ ಬೆಳ್ಳಿ ತುಲಾಭಾರ ಕಾರ್ಯಕ್ರಮ ಹಮ್ಮಿಕೊಳ್ಳಲಾಗಿದೆ ಎಂದು ಶ್ರೀ ಸದಾಶಿವ ಸ್ವಾಮೀಜಿ ಹೇಳಿದರು. ನಗರದ ಮಠದಲ್ಲಿ ಪತ್ರಿಕಾಗೋಷ್ಠಿಯಲ್ಲಿ ಮಾತನಾಡಿದ ಅವರು, ಜಾತ್ರೆಯ ಅಂಗವಾಗಿ ಧಾರ್ಮಿಕ, ಸಾಂಸ್ಕೃತಿಕ ಕಾರ್ಯಕ್ರಮಗಳು, ಕೃಷಿ ಮೇಳ, ಪುಸ್ತಕ ಪ್ರದರ್ಶನ, ಸಾಮೂಹಿಕ ವಿವಾಹ ಹಾಗೂ ಅನ್ನದಾಸೋಹ ನಡೆಯಲಿದೆ. ನಾಡಿನ ವಿವಿಧ ಮಠಾಧೀಶರು, ಜನಪ್ರತಿನಿಧಿಗಳು ಪಾಲ್ಗೊಳ್ಳಲಿದ್ದಾರೆ. ಭಕ್ತರು ಹೆಚ್ಚಿನ ಸಂಖ್ಯೆಯಲ್ಲಿ ಭಾಗವಹಿಸಿ ಕಾರ್ಯಕ್ರಮ ಯಶಸ್ವಿಗೊಳಿಸಬೇಕು ಎಂದು ಮನವಿ ಮಾಡಿದರು. ರಥೋತ್ಸವವು ಸಂಜೆ 5 ಗಂಟೆಗೆ ಜರುಗಲಿದ್ದು, ಮಠದ ಆವರಣದಲ್ಲಿ ಸಿದ್ಧತೆಗಳು ಭರದಿಂದ ಸಾಗಿವೆ.
ಒಂದು ದಿನದ ಕಾರ್ಯಾಗಾರ
ಹಾವೇರಿ:
ಭಾರತ ಸರ್ಕಾರದ ವಿಶ್ವಬ್ಯಾಂಕ್ ನೆರವಿನೊಂದಿಗೆ ಅನುಷ್ಠಾನಗೊಳಿಸುತ್ತಿರುವ ಸೂಕ್ಷ್ಮ, ಸಣ್ಣ ಮತ್ತು ಮಧ್ಯಮ ಕೈಗಾರಿಕೆಗಳ (ಎಂ.ಎಸ್.ಎಂ.ಇ) ಕಾರ್ಯಕ್ಷಮತೆಯನ್ನು ಹೆಚ್ಚಿಸುವ ಮತ್ತು ವೇಗಗೊಳಿಸುವ Raising and Accelerating MSME Performance (RAMP) ಯೋಜನೆಯಡಿಯಲ್ಲಿ ಹಾವೇರಿ ಜಿಲ್ಲಾ ಕೈಗಾರಿಕಾ ಕೇಂದ್ರದ ವತಿಯಿಂದ ಕರ್ನಾಟಕ ಸಣ್ಣ ಕೈಗಾರಿಕೆಗಳ ಸಂಘ (KASSIA) ದ ಸಹಯೋಗದಲ್ಲಿ ZED & LEAN ಯೋಜನೆ ಬಗ್ಗೆ ಒಂದು ದಿನದ ಕಾರ್ಯಾಗಾರ ಡಿಸೆಂಬರ್ 13ರ ಶನಿವಾರ ಬೆಳಿಗ್ಗೆ 10.30 ಗಂಟೆಗೆ ನಗರದ ಜಿಲ್ಲಾ ಕೈಗಾರಿಕಾ ಕೇಂದ್ರದ ಸಭಾಂಗಣದಲ್ಲಿ ಆಯೋಜಿಸಲಾಗಿದೆ. ಆಸಕ್ತ ಉದ್ಯಮಿಗಳು ಭಾಗವಹಿಸಿ ZED & LEAN ಯೋಜನೆ ಕುರಿತ ಮಾಹಿತಿ ಪಡೆಯಬಹುದಾಗಿದೆ ಎಂದು ಜಿಲ್ಲಾ ಕೈಗಾರಿಕಾ ಕೇಂದ್ರದ ಜಂಟಿ ನಿರ್ದೇಶಕರು ತಿಳಿಸಿದ್ದಾರೆ.
ಭಾರತ ಸರ್ಕಾರದ ವಿಶ್ವಬ್ಯಾಂಕ್ ನೆರವಿನೊಂದಿಗೆ ಅನುಷ್ಠಾನಗೊಳಿಸುತ್ತಿರುವ ಸೂಕ್ಷ್ಮ, ಸಣ್ಣ ಮತ್ತು ಮಧ್ಯಮ ಕೈಗಾರಿಕೆಗಳ (ಎಂ.ಎಸ್.ಎಂ.ಇ) ಕಾರ್ಯಕ್ಷಮತೆಯನ್ನು ಹೆಚ್ಚಿಸುವ ಮತ್ತು ವೇಗಗೊಳಿಸುವ Raising and Accelerating MSME Performance (RAMP) ಯೋಜನೆಯಡಿಯಲ್ಲಿ ಹಾವೇರಿ ಜಿಲ್ಲಾ ಕೈಗಾರಿಕಾ ಕೇಂದ್ರದ ವತಿಯಿಂದ ಕರ್ನಾಟಕ ಸಣ್ಣ ಕೈಗಾರಿಕೆಗಳ ಸಂಘ (KASSIA) ದ ಸಹಯೋಗದಲ್ಲಿ ZED & LEAN ಯೋಜನೆ ಬಗ್ಗೆ ಒಂದು ದಿನದ ಕಾರ್ಯಾಗಾರ ಡಿಸೆಂಬರ್ 13ರ ಶನಿವಾರ ಬೆಳಿಗ್ಗೆ 10.30 ಗಂಟೆಗೆ ನಗರದ ಜಿಲ್ಲಾ ಕೈಗಾರಿಕಾ ಕೇಂದ್ರದ ಸಭಾಂಗಣದಲ್ಲಿ ಆಯೋಜಿಸಲಾಗಿದೆ. ಆಸಕ್ತ ಉದ್ಯಮಿಗಳು ಭಾಗವಹಿಸಿ ZED & LEAN ಯೋಜನೆ ಕುರಿತ ಮಾಹಿತಿ ಪಡೆಯಬಹುದಾಗಿದೆ ಎಂದು ಜಿಲ್ಲಾ ಕೈಗಾರಿಕಾ ಕೇಂದ್ರದ ಜಂಟಿ ನಿರ್ದೇಶಕರು ತಿಳಿಸಿದ್ದಾರೆ.
